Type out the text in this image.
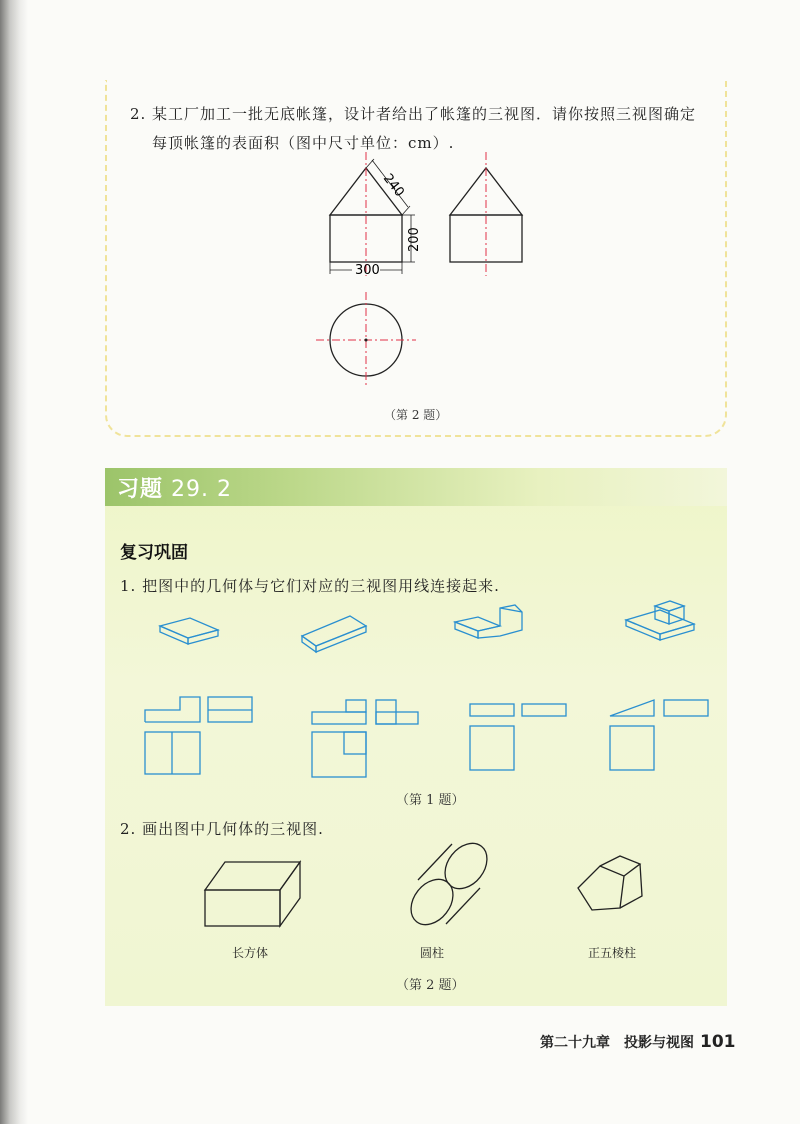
2. 某工厂加工一批无底帐篷，设计者给出了帐篷的三视图．请你按照三视图确定
每顶帐篷的表面积（图中尺寸单位：cm）.
（第 2 题）
习题 29. 2
复习巩固
1. 把图中的几何体与它们对应的三视图用线连接起来.
（第 1 题）
2. 画出图中几何体的三视图.
长方体	圆柱	正五棱柱
（第 2 题）
240
200
300
第二十九章　投影与视图 101
